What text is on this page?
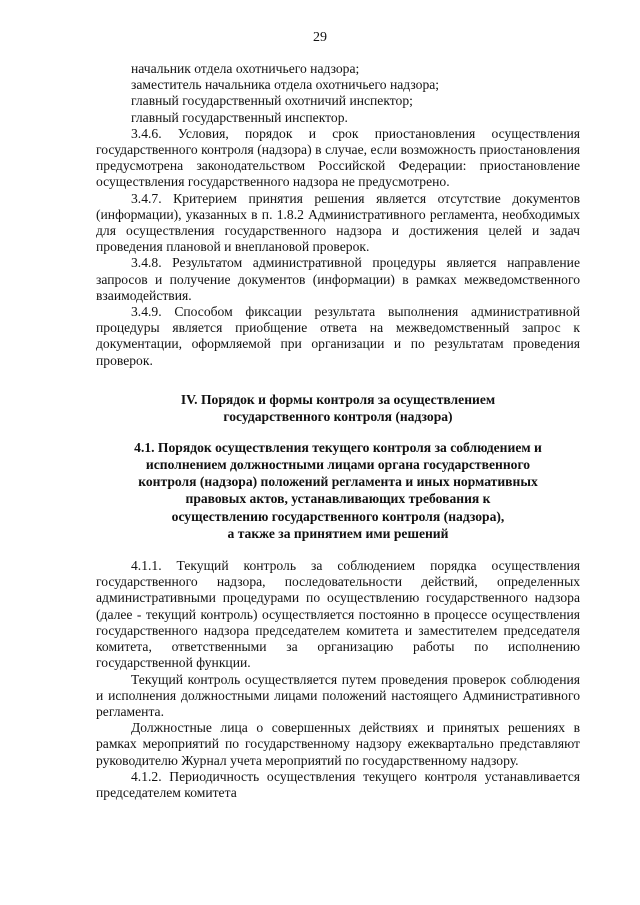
29

начальник отдела охотничьего надзора;

заместитель начальника отдела охотничьего надзора;

главный государственный охотничий инспектор;

главный государственный инспектор.

3.4.6. Условия, порядок и срок приостановления осуществления государственного контроля (надзора) в случае, если возможность приостановления предусмотрена законодательством Российской Федерации: приостановление осуществления государственного надзора не предусмотрено.

3.4.7. Критерием принятия решения является отсутствие документов (информации), указанных в п. 1.8.2 Административного регламента, необходимых для осуществления государственного надзора и достижения целей и задач проведения плановой и внеплановой проверок.

3.4.8. Результатом административной процедуры является направление запросов и получение документов (информации) в рамках межведомственного взаимодействия.

3.4.9. Способом фиксации результата выполнения административной процедуры является приобщение ответа на межведомственный запрос к документации, оформляемой при организации и по результатам проведения проверок.

IV. Порядок и формы контроля за осуществлением
государственного контроля (надзора)
4.1. Порядок осуществления текущего контроля за соблюдением и
исполнением должностными лицами органа государственного
контроля (надзора) положений регламента и иных нормативных
правовых актов, устанавливающих требования к
осуществлению государственного контроля (надзора),
а также за принятием ими решений

4.1.1. Текущий контроль за соблюдением порядка осуществления государственного надзора, последовательности действий, определенных административными процедурами по осуществлению государственного надзора (далее - текущий контроль) осуществляется постоянно в процессе осуществления государственного надзора председателем комитета и заместителем председателя комитета, ответственными за организацию работы по исполнению государственной функции.

Текущий контроль осуществляется путем проведения проверок соблюдения и исполнения должностными лицами положений настоящего Административного регламента.

Должностные лица о совершенных действиях и принятых решениях в рамках мероприятий по государственному надзору ежеквартально представляют руководителю Журнал учета мероприятий по государственному надзору.

4.1.2. Периодичность осуществления текущего контроля устанавливается председателем комитета
